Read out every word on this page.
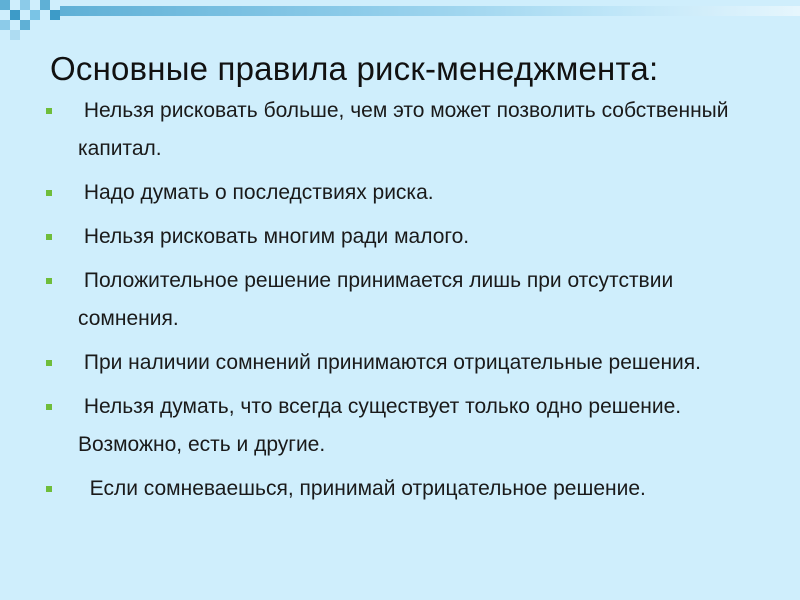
Основные правила риск-менеджмента:
Нельзя рисковать больше, чем это может позволить собственный капитал.
Надо думать о последствиях риска.
Нельзя рисковать многим ради малого.
Положительное решение принимается лишь при отсутствии сомнения.
При наличии сомнений принимаются отрицательные решения.
Нельзя думать, что всегда существует только одно решение. Возможно, есть и другие.
Если сомневаешься, принимай отрицательное решение.
